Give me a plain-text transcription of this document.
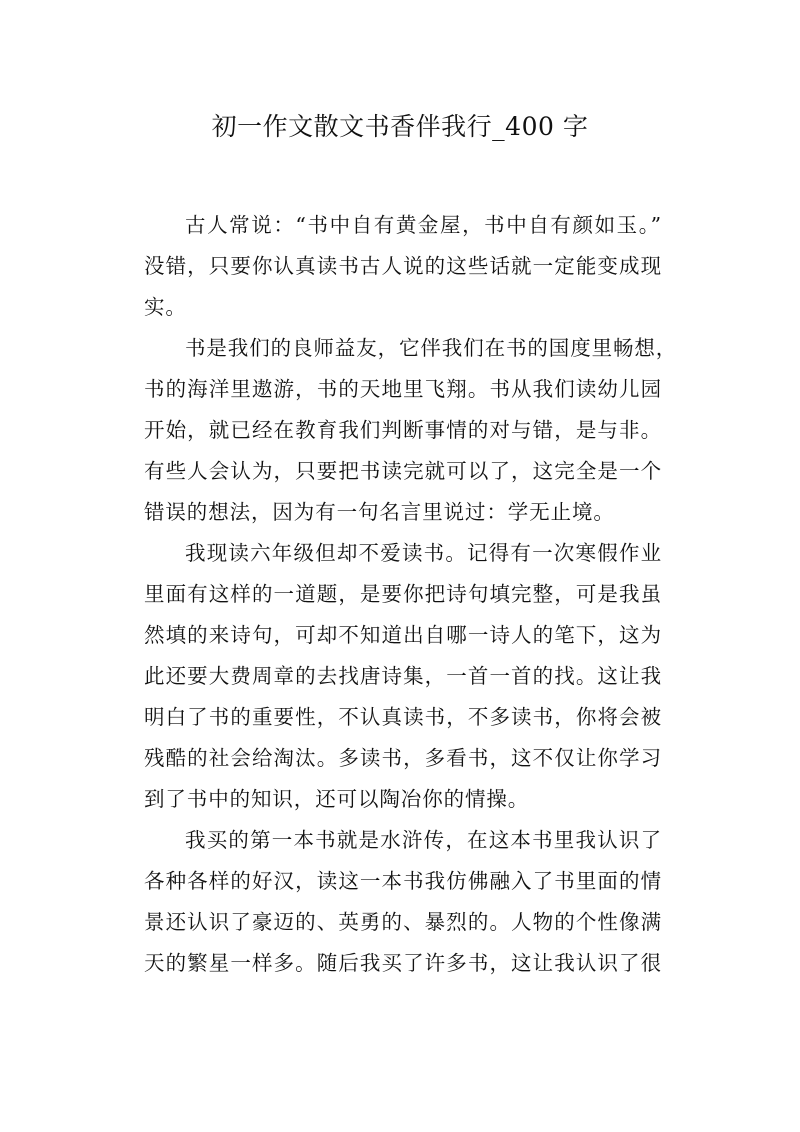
初一作文散文书香伴我行_400 字
古人常说：“书中自有黄金屋，书中自有颜如玉。”
没错，只要你认真读书古人说的这些话就一定能变成现
实。
书是我们的良师益友，它伴我们在书的国度里畅想，
书的海洋里遨游，书的天地里飞翔。书从我们读幼儿园
开始，就已经在教育我们判断事情的对与错，是与非。
有些人会认为，只要把书读完就可以了，这完全是一个
错误的想法，因为有一句名言里说过：学无止境。
我现读六年级但却不爱读书。记得有一次寒假作业
里面有这样的一道题，是要你把诗句填完整，可是我虽
然填的来诗句，可却不知道出自哪一诗人的笔下，这为
此还要大费周章的去找唐诗集，一首一首的找。这让我
明白了书的重要性，不认真读书，不多读书，你将会被
残酷的社会给淘汰。多读书，多看书，这不仅让你学习
到了书中的知识，还可以陶冶你的情操。
我买的第一本书就是水浒传，在这本书里我认识了
各种各样的好汉，读这一本书我仿佛融入了书里面的情
景还认识了豪迈的、英勇的、暴烈的。人物的个性像满
天的繁星一样多。随后我买了许多书，这让我认识了很
